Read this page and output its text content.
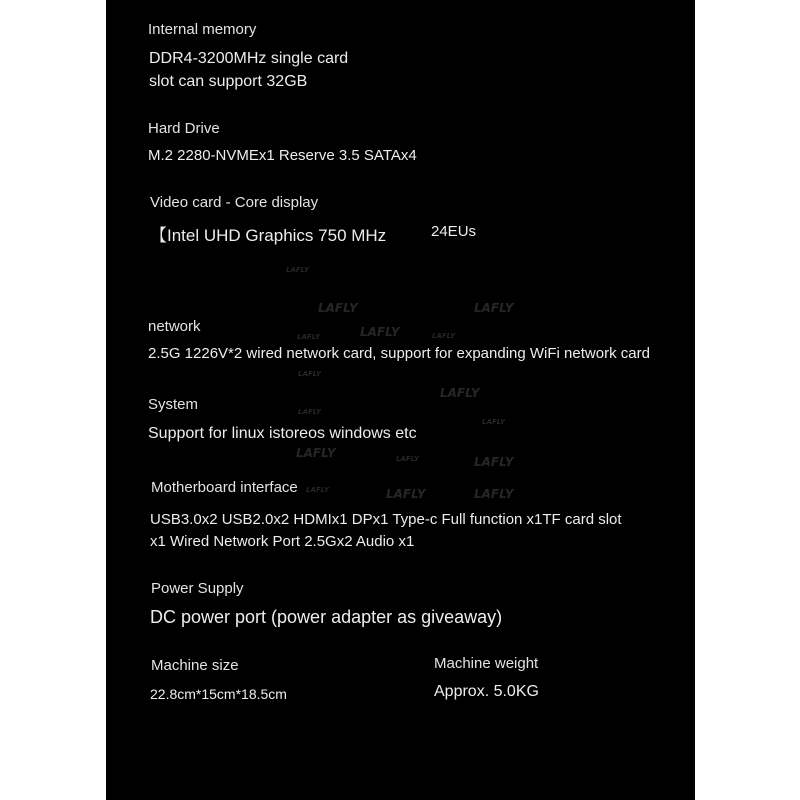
LAFLY
LAFLY	LAFLY
LAFLY	LAFLY	LAFLY
LAFLY
LAFLY
LAFLY
LAFLY
LAFLY	LAFLY	LAFLY
LAFLY	LAFLY	LAFLY
Internal memory
DDR4-3200MHz single card
slot can support 32GB
Hard Drive
M.2 2280-NVMEx1 Reserve 3.5 SATAx4
Video card - Core display
【Intel UHD Graphics 750 MHz	24EUs
network
2.5G 1226V*2 wired network card, support for expanding WiFi network card
System
Support for linux istoreos windows etc
Motherboard interface
USB3.0x2 USB2.0x2 HDMIx1 DPx1 Type-c Full function x1TF card slot
x1 Wired Network Port 2.5Gx2 Audio x1
Power Supply
DC power port (power adapter as giveaway)
Machine size
22.8cm*15cm*18.5cm
Machine weight
Approx. 5.0KG
